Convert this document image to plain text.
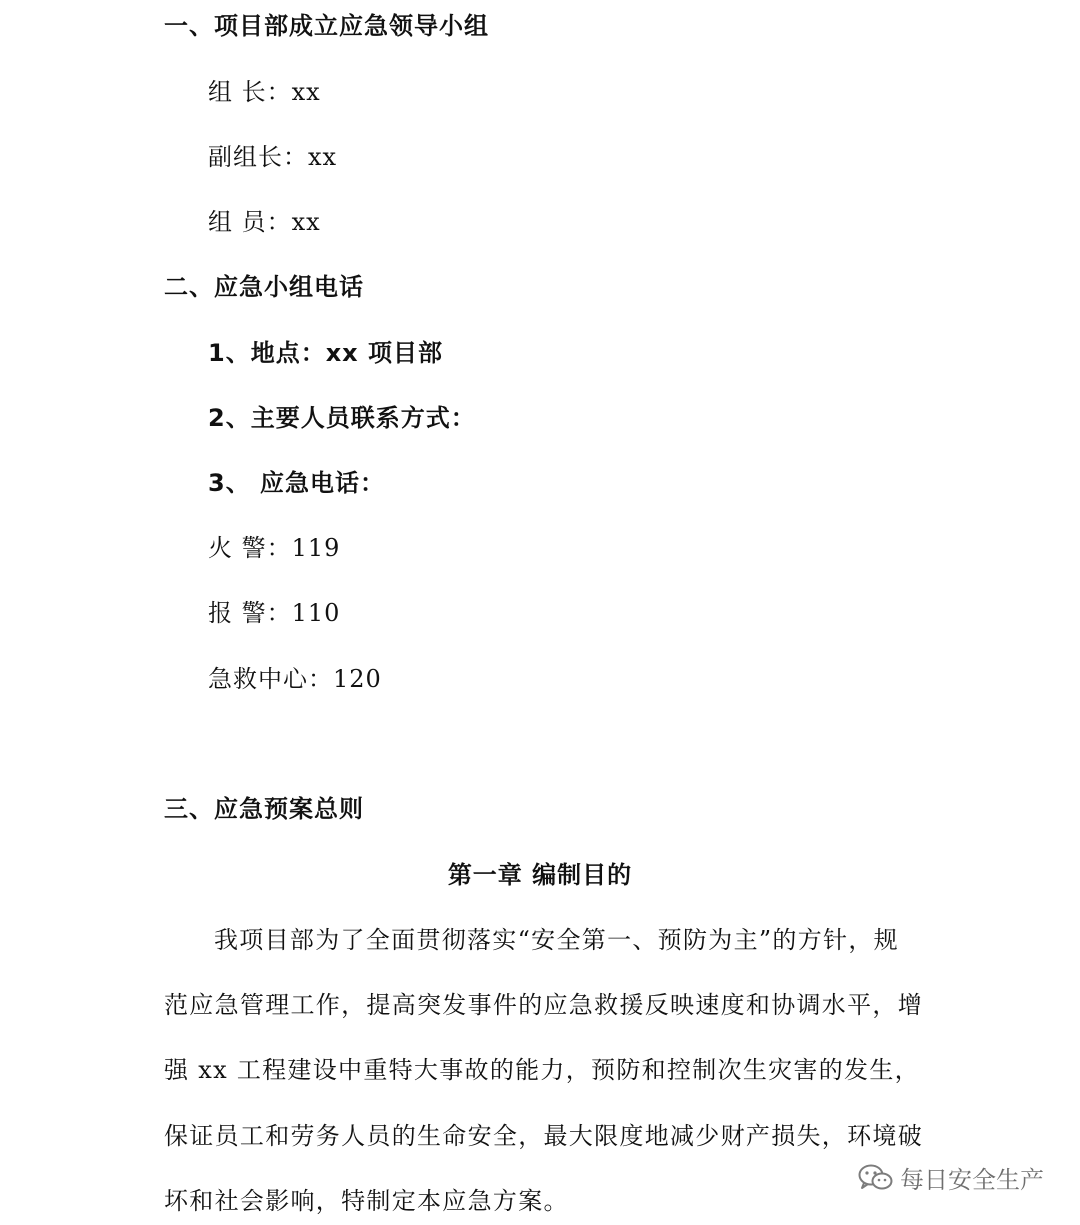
一、项目部成立应急领导小组
组 长：xx
副组长：xx
组 员：xx
二、应急小组电话
1、地点：xx 项目部
2、主要人员联系方式：
3、 应急电话：
火 警：119
报 警：110
急救中心：120
三、应急预案总则
第一章 编制目的
我项目部为了全面贯彻落实“安全第一、预防为主”的方针，规
范应急管理工作，提高突发事件的应急救援反映速度和协调水平，增
强 xx 工程建设中重特大事故的能力，预防和控制次生灾害的发生，
保证员工和劳务人员的生命安全，最大限度地减少财产损失，环境破
坏和社会影响，特制定本应急方案。
每日安全生产
